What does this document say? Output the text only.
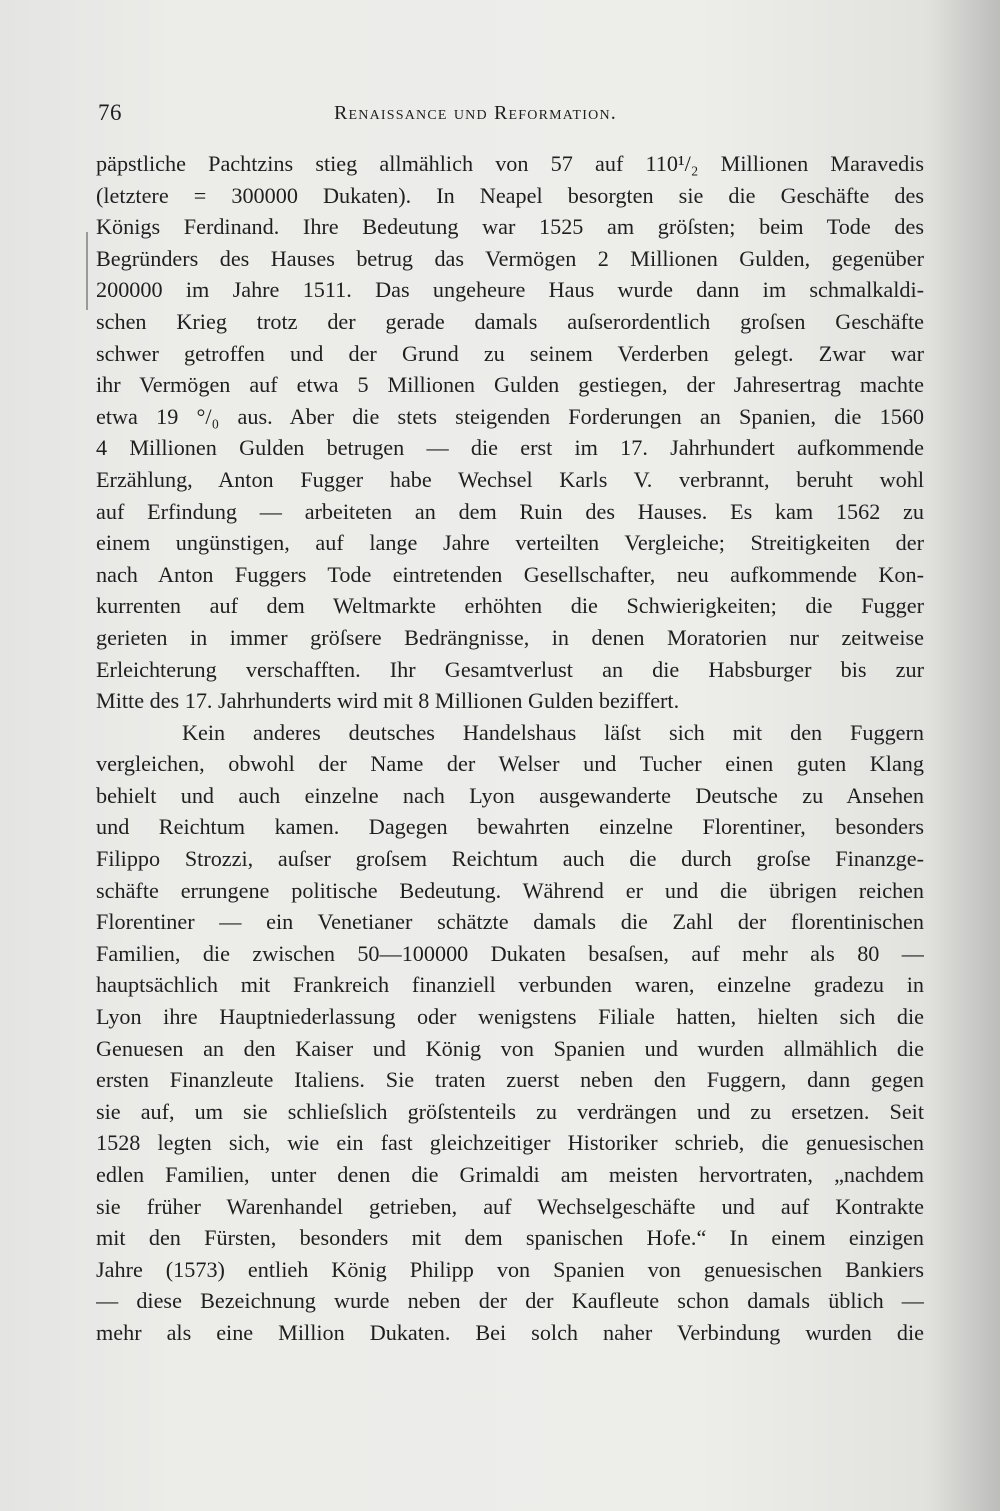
76	Renaissance und Reformation.
päpstliche Pachtzins stieg allmählich von 57 auf 110¹/₂ Millionen Maravedis
(letztere = 300000 Dukaten). In Neapel besorgten sie die Geschäfte des
Königs Ferdinand. Ihre Bedeutung war 1525 am gröſsten; beim Tode des
Begründers des Hauses betrug das Vermögen 2 Millionen Gulden, gegenüber
200000 im Jahre 1511. Das ungeheure Haus wurde dann im schmalkaldi-
schen Krieg trotz der gerade damals auſserordentlich groſsen Geschäfte
schwer getroffen und der Grund zu seinem Verderben gelegt. Zwar war
ihr Vermögen auf etwa 5 Millionen Gulden gestiegen, der Jahresertrag machte
etwa 19 °/₀ aus. Aber die stets steigenden Forderungen an Spanien, die 1560
4 Millionen Gulden betrugen — die erst im 17. Jahrhundert aufkommende
Erzählung, Anton Fugger habe Wechsel Karls V. verbrannt, beruht wohl
auf Erfindung — arbeiteten an dem Ruin des Hauses. Es kam 1562 zu
einem ungünstigen, auf lange Jahre verteilten Vergleiche; Streitigkeiten der
nach Anton Fuggers Tode eintretenden Gesellschafter, neu aufkommende Kon-
kurrenten auf dem Weltmarkte erhöhten die Schwierigkeiten; die Fugger
gerieten in immer gröſsere Bedrängnisse, in denen Moratorien nur zeitweise
Erleichterung verschafften. Ihr Gesamtverlust an die Habsburger bis zur
Mitte des 17. Jahrhunderts wird mit 8 Millionen Gulden beziffert.
Kein anderes deutsches Handelshaus läſst sich mit den Fuggern
vergleichen, obwohl der Name der Welser und Tucher einen guten Klang
behielt und auch einzelne nach Lyon ausgewanderte Deutsche zu Ansehen
und Reichtum kamen. Dagegen bewahrten einzelne Florentiner, besonders
Filippo Strozzi, auſser groſsem Reichtum auch die durch groſse Finanzge-
schäfte errungene politische Bedeutung. Während er und die übrigen reichen
Florentiner — ein Venetianer schätzte damals die Zahl der florentinischen
Familien, die zwischen 50—100000 Dukaten besaſsen, auf mehr als 80 —
hauptsächlich mit Frankreich finanziell verbunden waren, einzelne gradezu in
Lyon ihre Hauptniederlassung oder wenigstens Filiale hatten, hielten sich die
Genuesen an den Kaiser und König von Spanien und wurden allmählich die
ersten Finanzleute Italiens. Sie traten zuerst neben den Fuggern, dann gegen
sie auf, um sie schlieſslich gröſstenteils zu verdrängen und zu ersetzen. Seit
1528 legten sich, wie ein fast gleichzeitiger Historiker schrieb, die genuesischen
edlen Familien, unter denen die Grimaldi am meisten hervortraten, „nachdem
sie früher Warenhandel getrieben, auf Wechselgeschäfte und auf Kontrakte
mit den Fürsten, besonders mit dem spanischen Hofe.“ In einem einzigen
Jahre (1573) entlieh König Philipp von Spanien von genuesischen Bankiers
— diese Bezeichnung wurde neben der der Kaufleute schon damals üblich —
mehr als eine Million Dukaten. Bei solch naher Verbindung wurden die
